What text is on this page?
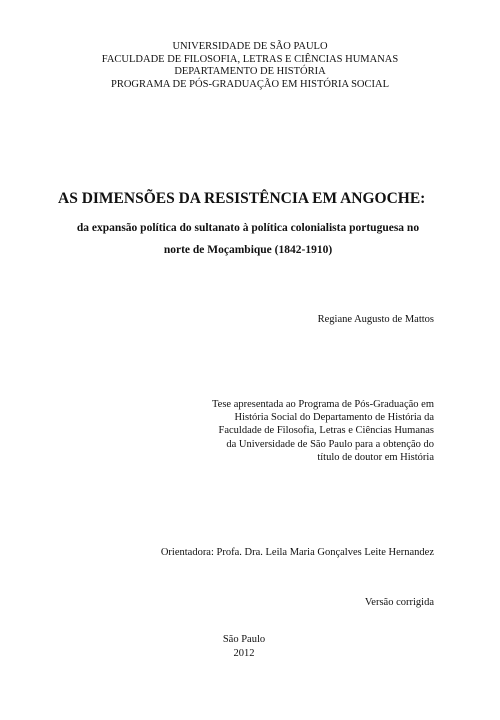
UNIVERSIDADE DE SÃO PAULO
FACULDADE DE FILOSOFIA, LETRAS E CIÊNCIAS HUMANAS
DEPARTAMENTO DE HISTÓRIA
PROGRAMA DE PÓS-GRADUAÇÃO EM HISTÓRIA SOCIAL
AS DIMENSÕES DA RESISTÊNCIA EM ANGOCHE:
da expansão política do sultanato à política colonialista portuguesa no
norte de Moçambique (1842-1910)
Regiane Augusto de Mattos
Tese apresentada ao Programa de Pós-Graduação em
História Social do Departamento de História da
Faculdade de Filosofia, Letras e Ciências Humanas
da Universidade de São Paulo para a obtenção do
título de doutor em História
Orientadora: Profa. Dra. Leila Maria Gonçalves Leite Hernandez
Versão corrigida
São Paulo
2012
